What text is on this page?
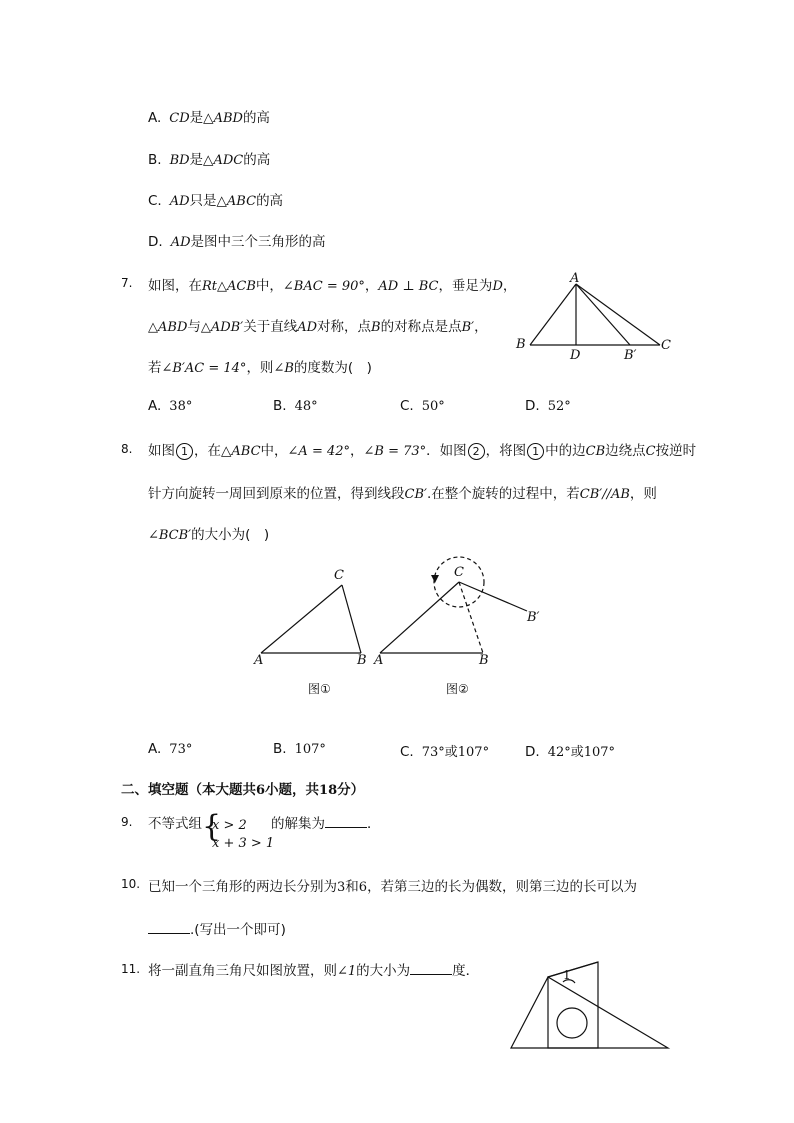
A. CD是△ABD的高
B. BD是△ADC的高
C. AD只是△ABC的高
D. AD是图中三个三角形的高
7. 如图，在Rt△ACB中，∠BAC = 90°，AD ⊥ BC，垂足为D，
△ABD与△ADB′关于直线AD对称，点B的对称点是点B′，
若∠B′AC = 14°，则∠B的度数为(　)
A
B
D	B′
C
A. 38°	B. 48°	C. 50°	D. 52°
8. 如图 1 ，在△ABC中，∠A = 42°，∠B = 73°．如图 2 ，将图 1 中的边CB边绕点C按逆时
针方向旋转一周回到原来的位置，得到线段CB′.在整个旋转的过程中，若CB′//AB，则
∠BCB′的大小为(　)
C
A	B
图①
C
A	B
B′
图②
A. 73°	B. 107°	C. 73°或107°	D. 42°或107°
二、填空题（本大题共6小题，共18分）
9. 不等式组 {
x > 2
x + 3 > 1
的解集为	．
10. 已知一个三角形的两边长分别为3和6，若第三边的长为偶数，则第三边的长可以为
.(写出一个即可)
11. 将一副直角三角尺如图放置，则∠1的大小为	度．	1
